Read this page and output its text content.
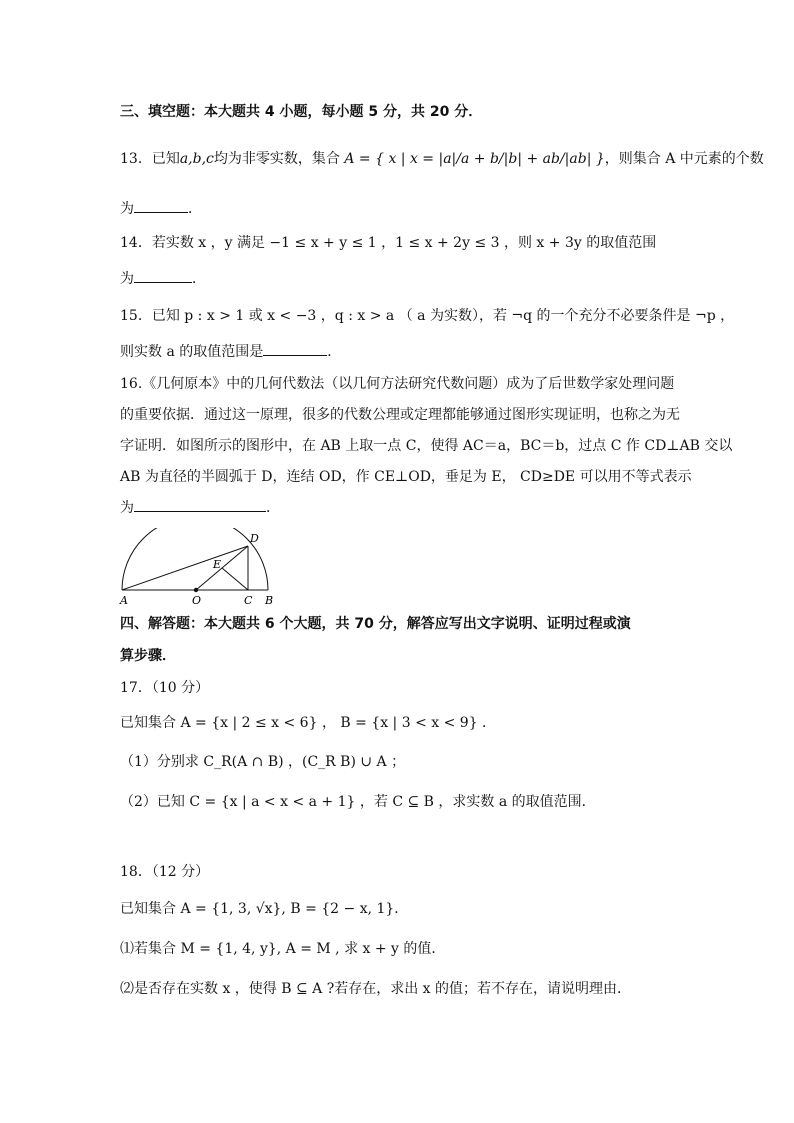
三、填空题：本大题共 4 小题，每小题 5 分，共 20 分．
13．已知a,b,c均为非零实数，集合 A = { x | x = |a|/a + b/|b| + ab/|ab| }，则集合 A 中元素的个数
为	．
14．若实数 x ，y 满足 −1 ≤ x + y ≤ 1 ，1 ≤ x + 2y ≤ 3 ，则 x + 3y 的取值范围
为	．
15．已知 p : x > 1 或 x < −3 ，q : x > a （ a 为实数），若 ¬q 的一个充分不必要条件是 ¬p ，
则实数 a 的取值范围是	．
16.《几何原本》中的几何代数法（以几何方法研究代数问题）成为了后世数学家处理问题
的重要依据．通过这一原理，很多的代数公理或定理都能够通过图形实现证明，也称之为无
字证明．如图所示的图形中，在 AB 上取一点 C，使得 AC＝a，BC＝b，过点 C 作 CD⊥AB 交以
AB 为直径的半圆弧于 D，连结 OD，作 CE⊥OD，垂足为 E， CD≥DE 可以用不等式表示
为	．
A	O	C B
D
E
四、解答题：本大题共 6 个大题，共 70 分，解答应写出文字说明、证明过程或演
算步骤．
17．（10 分）
已知集合 A = {x | 2 ≤ x < 6} ， B = {x | 3 < x < 9} ．
（1）分别求 C_R(A ∩ B) ，(C_R B) ∪ A ；
（2）已知 C = {x | a < x < a + 1} ，若 C ⊆ B ，求实数 a 的取值范围．
18．（12 分）
已知集合 A = {1, 3, √x}, B = {2 − x, 1}．
⑴若集合 M = {1, 4, y}, A = M , 求 x + y 的值．
⑵是否存在实数 x ，使得 B ⊆ A ?若存在，求出 x 的值；若不存在，请说明理由．
